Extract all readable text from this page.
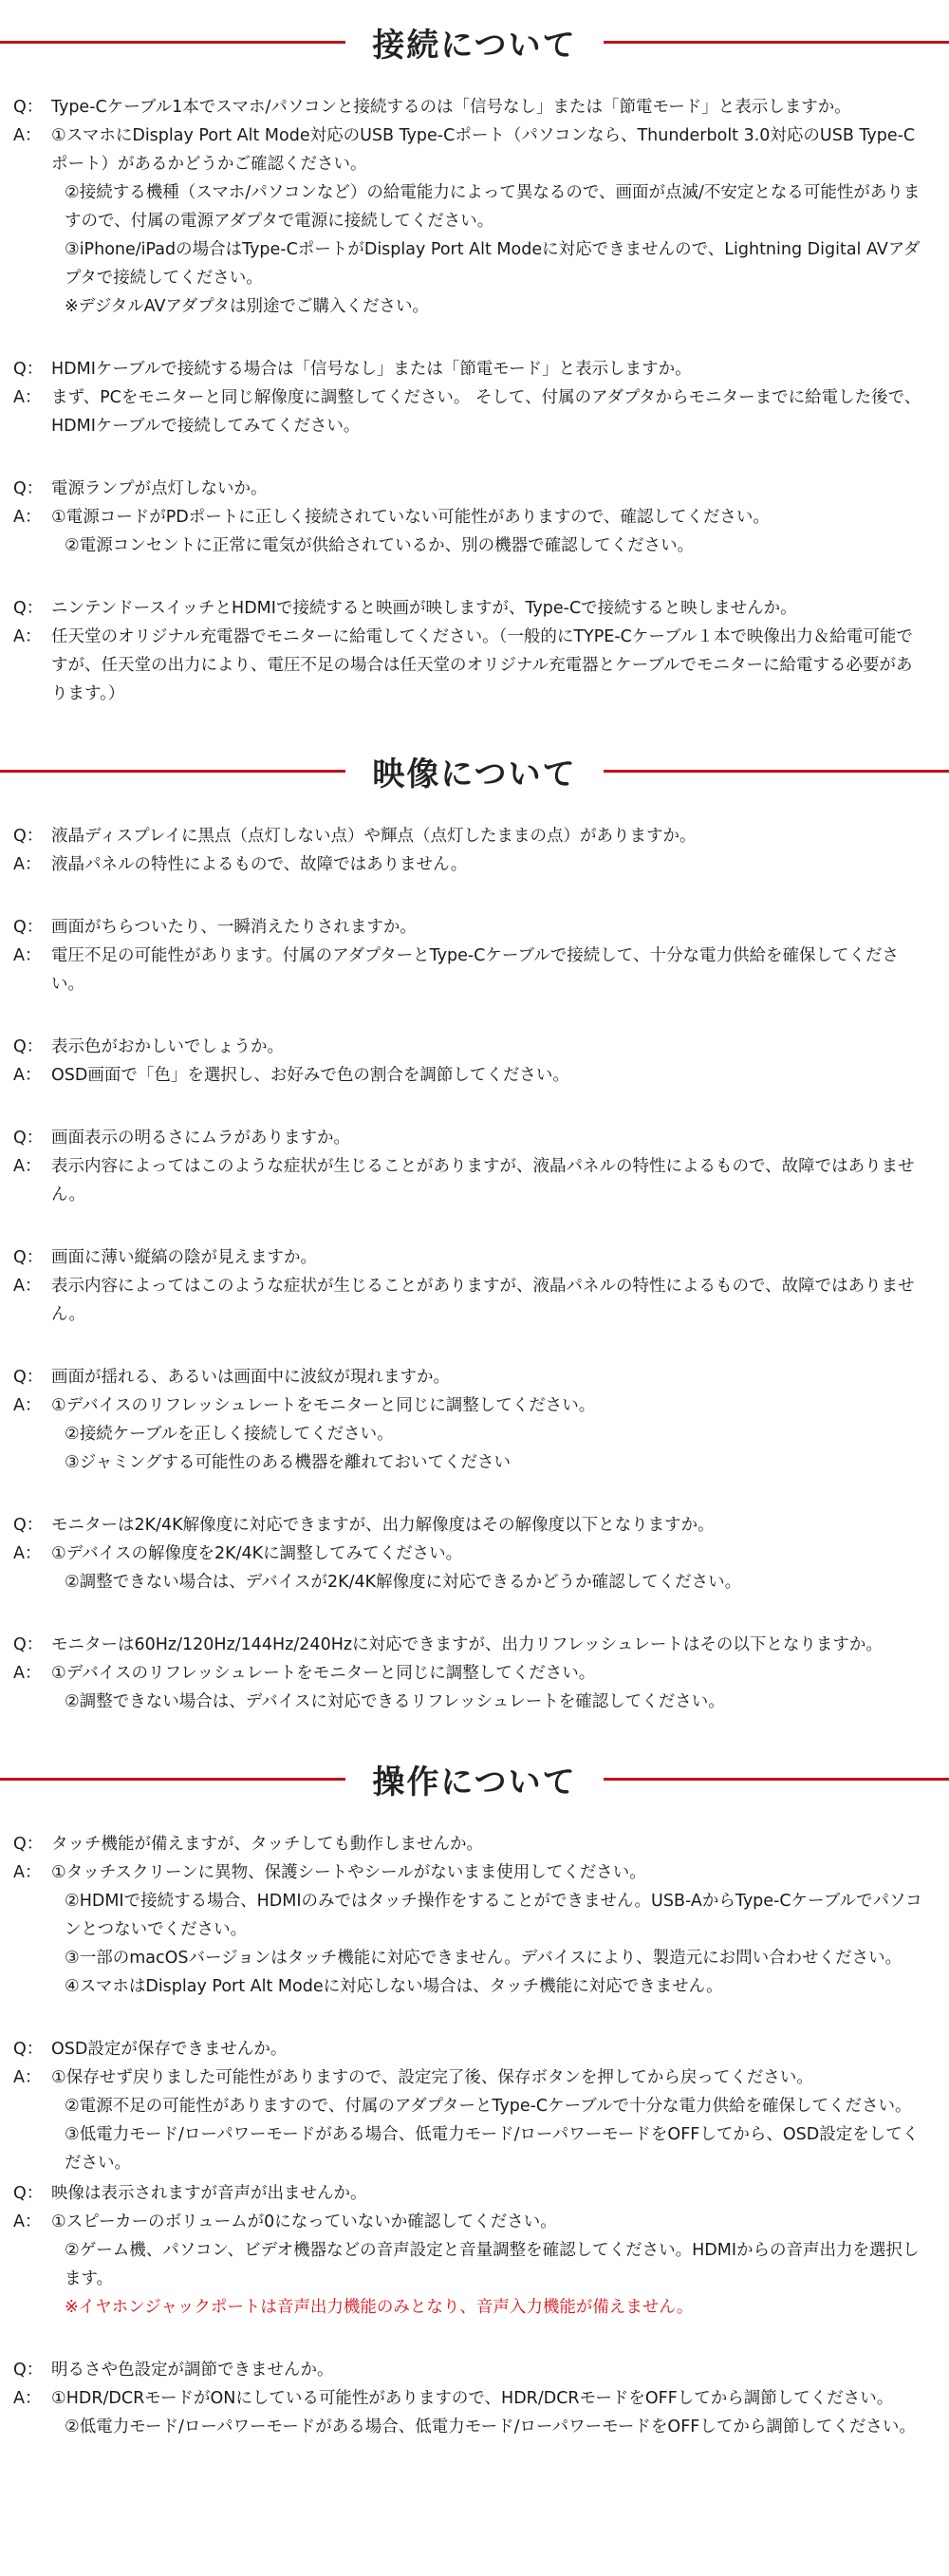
接続について
Q： Type-Cケーブル1本でスマホ/パソコンと接続するのは「信号なし」または「節電モード」と表示しますか。

A： ①スマホにDisplay Port Alt Mode対応のUSB Type-Cポート（パソコンなら、Thunderbolt 3.0対応のUSB Type-Cポート）があるかどうかご確認ください。

②接続する機種（スマホ/パソコンなど）の給電能力によって異なるので、画面が点滅/不安定となる可能性がありますので、付属の電源アダプタで電源に接続してください。

③iPhone/iPadの場合はType-CポートがDisplay Port Alt Modeに対応できませんので、Lightning Digital AVアダプタで接続してください。

※デジタルAVアダプタは別途でご購入ください。

Q： HDMIケーブルで接続する場合は「信号なし」または「節電モード」と表示しますか。

A： まず、PCをモニターと同じ解像度に調整してください。 そして、付属のアダプタからモニターまでに給電した後で、HDMIケーブルで接続してみてください。

Q： 電源ランプが点灯しないか。

A： ①電源コードがPDポートに正しく接続されていない可能性がありますので、確認してください。

②電源コンセントに正常に電気が供給されているか、別の機器で確認してください。

Q： ニンテンドースイッチとHDMIで接続すると映画が映しますが、Type-Cで接続すると映しませんか。

A： 任天堂のオリジナル充電器でモニターに給電してください。（一般的にTYPE-Cケーブル１本で映像出力＆給電可能ですが、任天堂の出力により、電圧不足の場合は任天堂のオリジナル充電器とケーブルでモニターに給電する必要があります。）

映像について
Q： 液晶ディスプレイに黒点（点灯しない点）や輝点（点灯したままの点）がありますか。

A： 液晶パネルの特性によるもので、故障ではありません。

Q： 画面がちらついたり、一瞬消えたりされますか。

A： 電圧不足の可能性があります。付属のアダプターとType-Cケーブルで接続して、十分な電力供給を確保してください。

Q： 表示色がおかしいでしょうか。

A： OSD画面で「色」を選択し、お好みで色の割合を調節してください。

Q： 画面表示の明るさにムラがありますか。

A： 表示内容によってはこのような症状が生じることがありますが、液晶パネルの特性によるもので、故障ではありません。

Q： 画面に薄い縦縞の陰が見えますか。

A： 表示内容によってはこのような症状が生じることがありますが、液晶パネルの特性によるもので、故障ではありません。

Q： 画面が揺れる、あるいは画面中に波紋が現れますか。

A： ①デバイスのリフレッシュレートをモニターと同じに調整してください。

②接続ケーブルを正しく接続してください。

③ジャミングする可能性のある機器を離れておいてください

Q： モニターは2K/4K解像度に対応できますが、出力解像度はその解像度以下となりますか。

A： ①デバイスの解像度を2K/4Kに調整してみてください。

②調整できない場合は、デバイスが2K/4K解像度に対応できるかどうか確認してください。

Q： モニターは60Hz/120Hz/144Hz/240Hzに対応できますが、出力リフレッシュレートはその以下となりますか。

A： ①デバイスのリフレッシュレートをモニターと同じに調整してください。

②調整できない場合は、デバイスに対応できるリフレッシュレートを確認してください。

操作について
Q： タッチ機能が備えますが、タッチしても動作しませんか。

A： ①タッチスクリーンに異物、保護シートやシールがないまま使用してください。

②HDMIで接続する場合、HDMIのみではタッチ操作をすることができません。USB-AからType-Cケーブルでパソコンとつないでください。

③一部のmacOSバージョンはタッチ機能に対応できません。デバイスにより、製造元にお問い合わせください。

④スマホはDisplay Port Alt Modeに対応しない場合は、タッチ機能に対応できません。

Q： OSD設定が保存できませんか。

A： ①保存せず戻りました可能性がありますので、設定完了後、保存ボタンを押してから戻ってください。

②電源不足の可能性がありますので、付属のアダプターとType-Cケーブルで十分な電力供給を確保してください。

③低電力モード/ローパワーモードがある場合、低電力モード/ローパワーモードをOFFしてから、OSD設定をしてください。

Q： 映像は表示されますが音声が出ませんか。

A： ①スピーカーのボリュームが0になっていないか確認してください。

②ゲーム機、パソコン、ビデオ機器などの音声設定と音量調整を確認してください。HDMIからの音声出力を選択します。

※イヤホンジャックポートは音声出力機能のみとなり、音声入力機能が備えません。

Q： 明るさや色設定が調節できませんか。

A： ①HDR/DCRモードがONにしている可能性がありますので、HDR/DCRモードをOFFしてから調節してください。

②低電力モード/ローパワーモードがある場合、低電力モード/ローパワーモードをOFFしてから調節してください。
